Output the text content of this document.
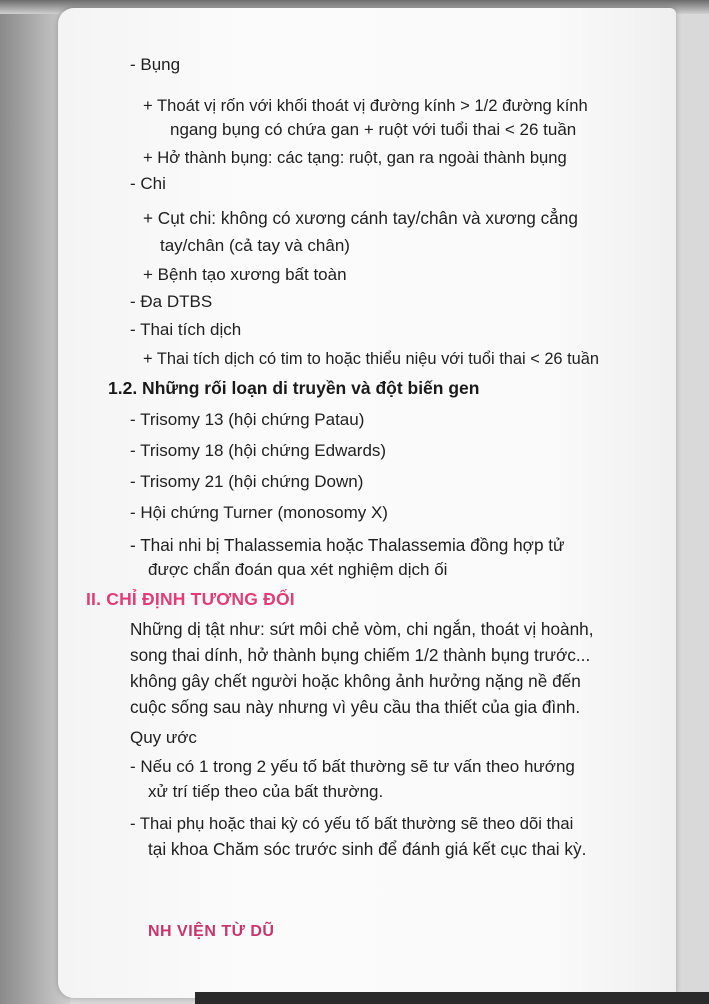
- Bụng
+ Thoát vị rốn với khối thoát vị đường kính > 1/2 đường kính
ngang bụng có chứa gan + ruột với tuổi thai < 26 tuần
+ Hở thành bụng: các tạng: ruột, gan ra ngoài thành bụng
- Chi
+ Cụt chi: không có xương cánh tay/chân và xương cẳng
tay/chân (cả tay và chân)
+ Bệnh tạo xương bất toàn
- Đa DTBS
- Thai tích dịch
+ Thai tích dịch có tim to hoặc thiểu niệu với tuổi thai < 26 tuần
1.2. Những rối loạn di truyền và đột biến gen
- Trisomy 13 (hội chứng Patau)
- Trisomy 18 (hội chứng Edwards)
- Trisomy 21 (hội chứng Down)
- Hội chứng Turner (monosomy X)
- Thai nhi bị Thalassemia hoặc Thalassemia đồng hợp tử
được chẩn đoán qua xét nghiệm dịch ối
II. CHỈ ĐỊNH TƯƠNG ĐỐI
Những dị tật như: sứt môi chẻ vòm, chi ngắn, thoát vị hoành,
song thai dính, hở thành bụng chiếm 1/2 thành bụng trước...
không gây chết người hoặc không ảnh hưởng nặng nề đến
cuộc sống sau này nhưng vì yêu cầu tha thiết của gia đình.
Quy ước
- Nếu có 1 trong 2 yếu tố bất thường sẽ tư vấn theo hướng
xử trí tiếp theo của bất thường.
- Thai phụ hoặc thai kỳ có yếu tố bất thường sẽ theo dõi thai
tại khoa Chăm sóc trước sinh để đánh giá kết cục thai kỳ.
NH VIỆN TỪ DŨ
